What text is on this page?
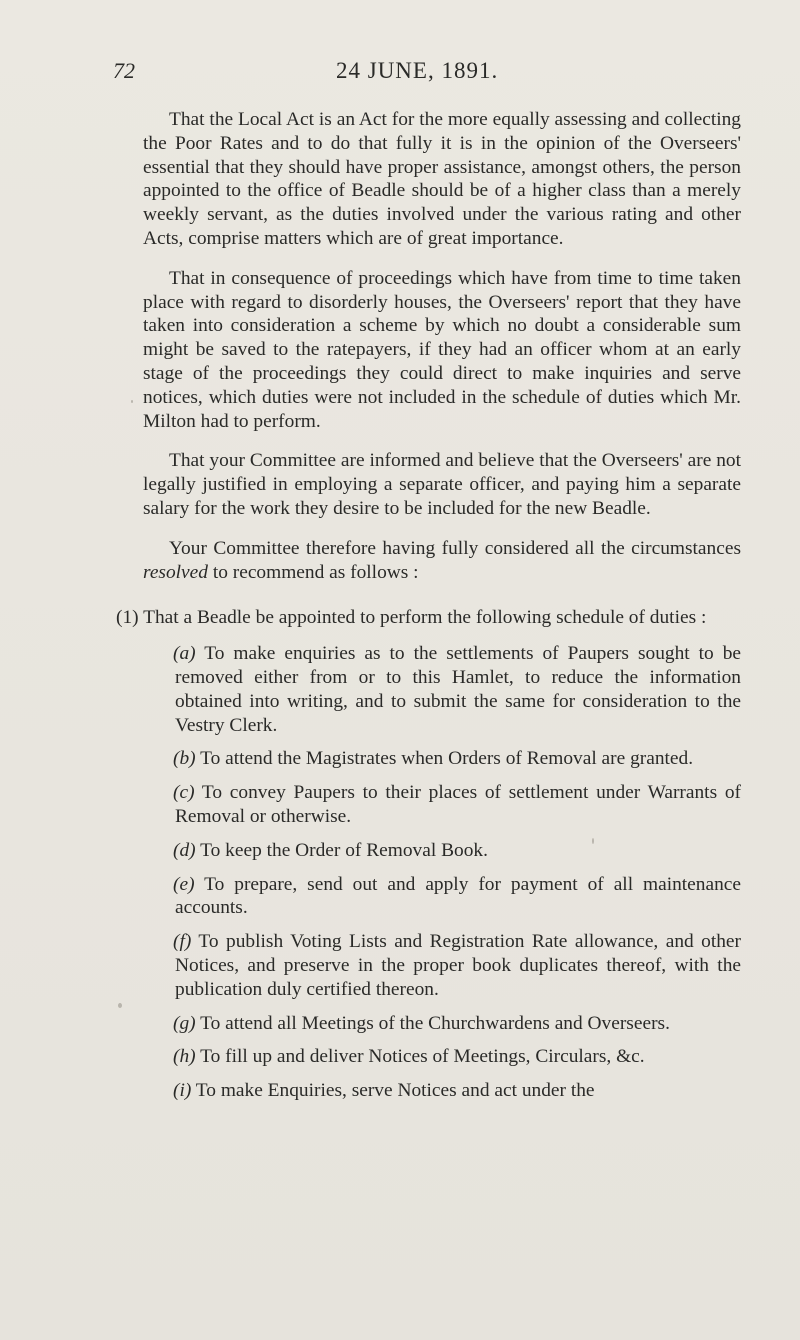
72	24 JUNE, 1891.

That the Local Act is an Act for the more equally assessing and collecting the Poor Rates and to do that fully it is in the opinion of the Overseers' essential that they should have proper assistance, amongst others, the person appointed to the office of Beadle should be of a higher class than a merely weekly servant, as the duties involved under the various rating and other Acts, comprise matters which are of great importance.

That in consequence of proceedings which have from time to time taken place with regard to disorderly houses, the Overseers' report that they have taken into consideration a scheme by which no doubt a considerable sum might be saved to the ratepayers, if they had an officer whom at an early stage of the proceedings they could direct to make inquiries and serve notices, which duties were not included in the schedule of duties which Mr. Milton had to perform.

That your Committee are informed and believe that the Overseers' are not legally justified in employing a separate officer, and paying him a separate salary for the work they desire to be included for the new Beadle.

Your Committee therefore having fully considered all the circumstances resolved to recommend as follows :

(1) That a Beadle be appointed to perform the following schedule of duties :

(a) To make enquiries as to the settlements of Paupers sought to be removed either from or to this Hamlet, to reduce the information obtained into writing, and to submit the same for consideration to the Vestry Clerk.

(b) To attend the Magistrates when Orders of Removal are granted.

(c) To convey Paupers to their places of settlement under Warrants of Removal or otherwise.

(d) To keep the Order of Removal Book.

(e) To prepare, send out and apply for payment of all maintenance accounts.

(f) To publish Voting Lists and Registration Rate allowance, and other Notices, and preserve in the proper book duplicates thereof, with the publication duly certified thereon.

(g) To attend all Meetings of the Churchwardens and Overseers.

(h) To fill up and deliver Notices of Meetings, Circulars, &c.

(i) To make Enquiries, serve Notices and act under the
